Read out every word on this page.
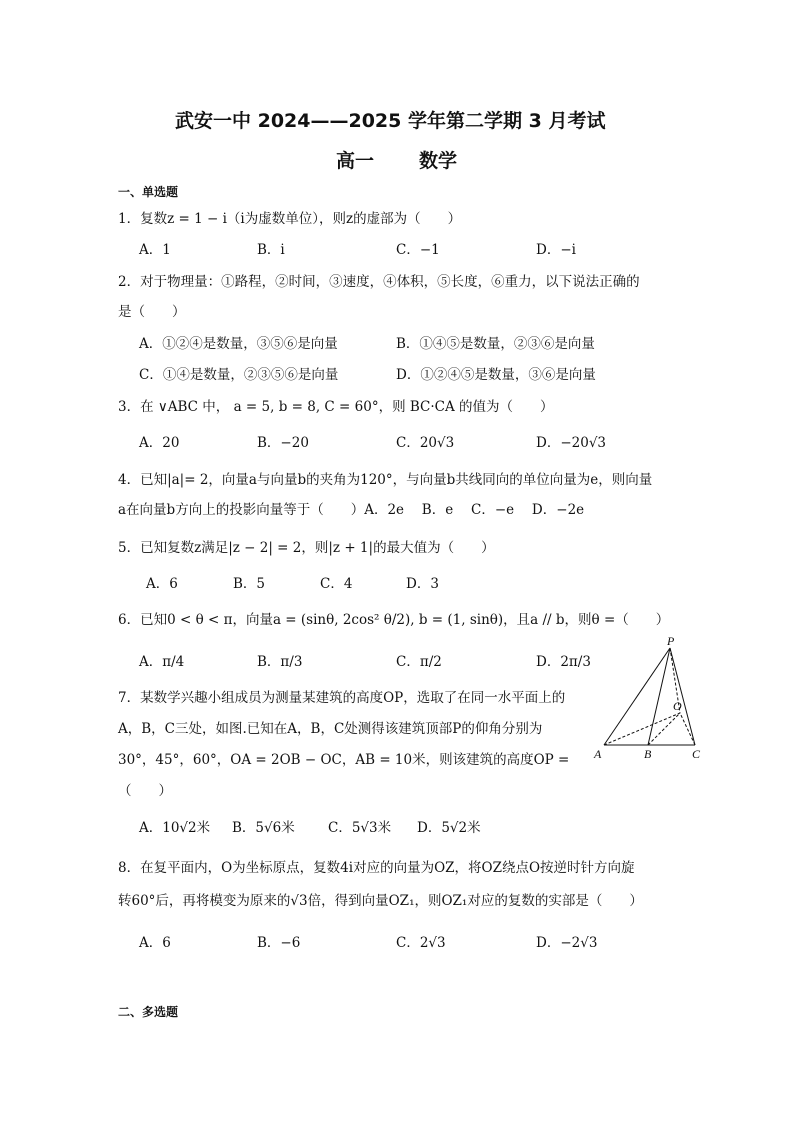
武安一中 2024——2025 学年第二学期 3 月考试
高一 数学
一、单选题
1．复数z = 1 − i（i为虚数单位），则z的虚部为（　　）
A．1	B．i	C．−1	D．−i
2．对于物理量：①路程，②时间，③速度，④体积，⑤长度，⑥重力，以下说法正确的
是（　　）
A．①②④是数量，③⑤⑥是向量	B．①④⑤是数量，②③⑥是向量
C．①④是数量，②③⑤⑥是向量	D．①②④⑤是数量，③⑥是向量
3．在 ∨ABC 中， a = 5, b = 8, C = 60°，则 BC·CA 的值为（　　）
A．20	B．−20	C．20√3	D．−20√3
4．已知|a|= 2，向量a与向量b的夹角为120°，与向量b共线同向的单位向量为e，则向量
a在向量b方向上的投影向量等于（　　）A．2e　 B．e　 C．−e　 D．−2e
5．已知复数z满足|z − 2| = 2，则|z + 1|的最大值为（　　）
A．6	B．5	C．4	D．3
6．已知0 < θ < π，向量a = (sinθ, 2cos² θ/2), b = (1, sinθ)，且a // b，则θ =（　　）
A．π/4	B．π/3	C．π/2	D．2π/3
7．某数学兴趣小组成员为测量某建筑的高度OP，选取了在同一水平面上的
A，B，C三处，如图.已知在A，B，C处测得该建筑顶部P的仰角分别为
30°，45°，60°，OA = 2OB − OC，AB = 10米，则该建筑的高度OP =
（　　）
A．10√2米 B．5√6米 C．5√3米 D．5√2米
P
O
A	B	C
8．在复平面内，O为坐标原点，复数4i对应的向量为OZ，将OZ绕点O按逆时针方向旋
转60°后，再将模变为原来的√3倍，得到向量OZ₁，则OZ₁对应的复数的实部是（　　）
A．6	B．−6	C．2√3	D．−2√3
二、多选题
